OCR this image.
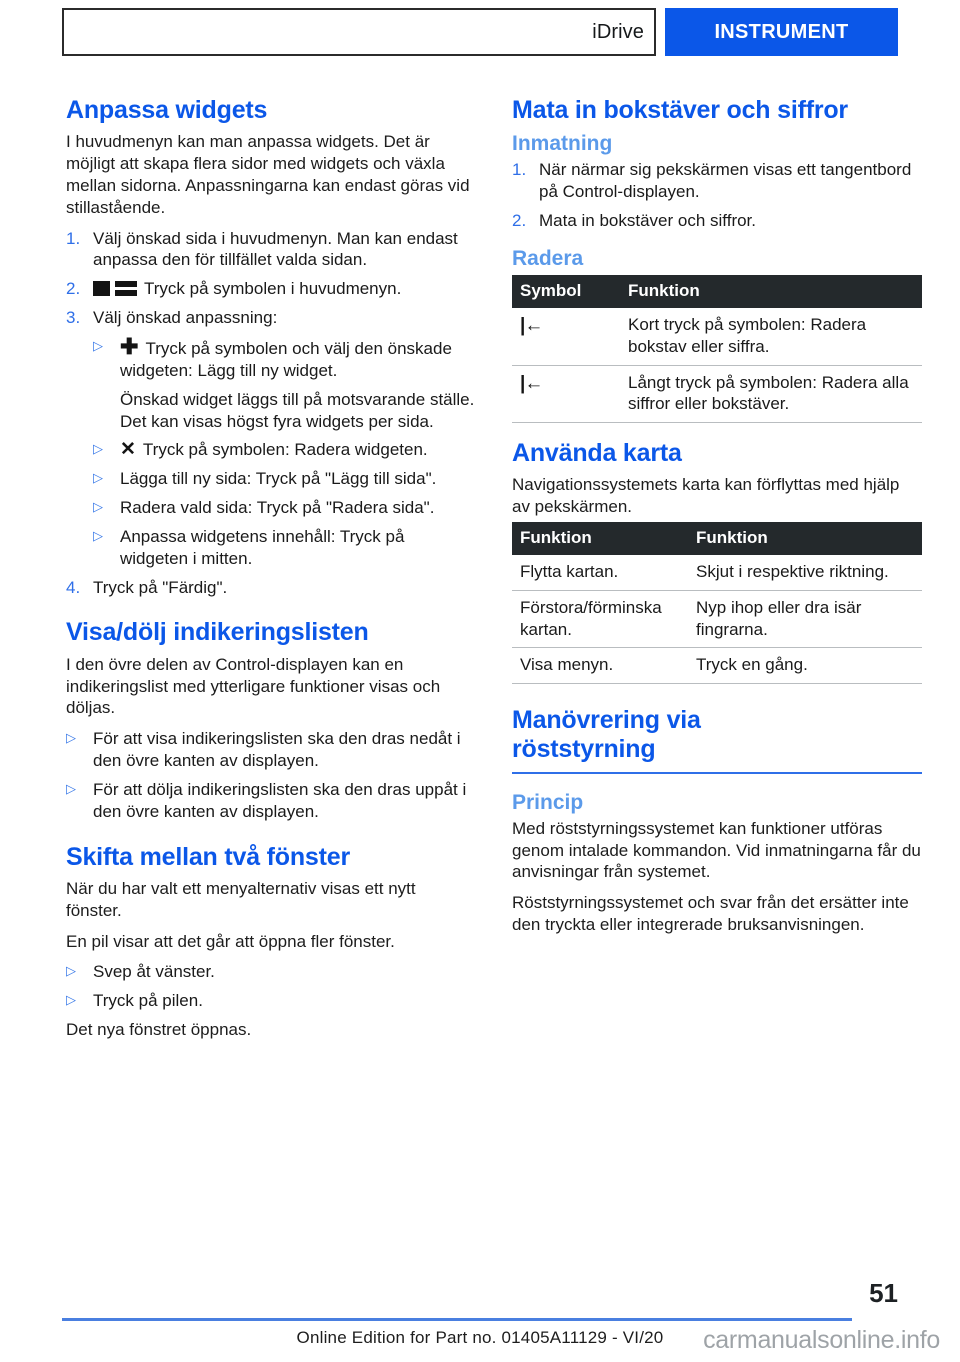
iDrive	INSTRUMENT
Anpassa widgets

I huvudmenyn kan man anpassa widgets. Det är möjligt att skapa flera sidor med widgets och växla mellan sidorna. Anpassningarna kan endast göras vid stillastående.

1. Välj önskad sida i huvudmenyn. Man kan endast anpassa den för tillfället valda sidan.
2.	Tryck på symbolen i huvudmenyn.
3. Välj önskad anpassning:
▷ ✚ Tryck på symbolen och välj den önskade widgeten: Lägg till ny widget.
Önskad widget läggs till på motsvarande ställe. Det kan visas högst fyra widgets per sida.
▷ ✕ Tryck på symbolen: Radera widgeten.
▷	Lägga till ny sida: Tryck på "Lägg till sida".
▷	Radera vald sida: Tryck på "Radera sida".
▷	Anpassa widgetens innehåll: Tryck på widgeten i mitten.
4. Tryck på "Färdig".
Visa/dölj indikeringslisten

I den övre delen av Control-displayen kan en indikeringslist med ytterligare funktioner visas och döljas.

▷	För att visa indikeringslisten ska den dras nedåt i den övre kanten av displayen.
▷	För att dölja indikeringslisten ska den dras uppåt i den övre kanten av displayen.
Skifta mellan två fönster

När du har valt ett menyalternativ visas ett nytt fönster.

En pil visar att det går att öppna fler fönster.

▷	Svep åt vänster.
▷	Tryck på pilen.

Det nya fönstret öppnas.

Mata in bokstäver och siffror
Inmatning
1. När närmar sig pekskärmen visas ett tangentbord på Control-displayen.
2. Mata in bokstäver och siffror.
Radera
Symbol	Funktion
|←	Kort tryck på symbolen: Radera bokstav eller siffra.
|←	Långt tryck på symbolen: Radera alla siffror eller bokstäver.
Använda karta

Navigationssystemets karta kan förflyttas med hjälp av pekskärmen.

Funktion	Funktion
Flytta kartan.	Skjut i respektive riktning.
Förstora/förminska kartan.	Nyp ihop eller dra isär fingrarna.
Visa menyn.	Tryck en gång.
Manövrering via
röststyrning
Princip

Med röststyrningssystemet kan funktioner utföras genom intalade kommandon. Vid inmatningarna får du anvisningar från systemet.

Röststyrningssystemet och svar från det ersätter inte den tryckta eller integrerade bruksanvisningen.

51
Online Edition for Part no. 01405A11129 - VI/20	carmanualsonline.info
